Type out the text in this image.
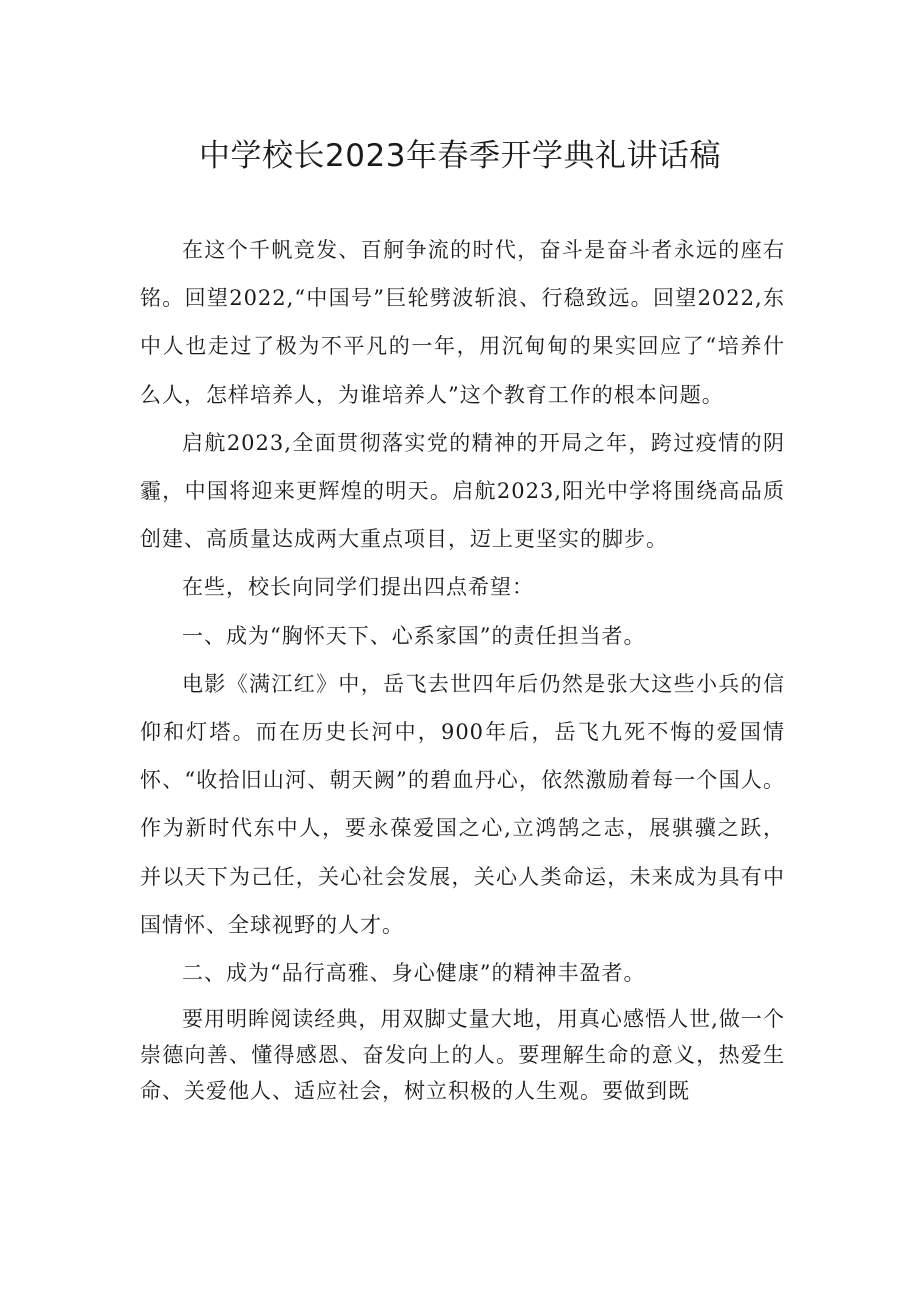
中学校长2023年春季开学典礼讲话稿

在这个千帆竞发、百舸争流的时代，奋斗是奋斗者永远的座右铭。回望2022,“中国号”巨轮劈波斩浪、行稳致远。回望2022,东中人也走过了极为不平凡的一年，用沉甸甸的果实回应了“培养什么人，怎样培养人，为谁培养人”这个教育工作的根本问题。

启航2023,全面贯彻落实党的精神的开局之年，跨过疫情的阴霾，中国将迎来更辉煌的明天。启航2023,阳光中学将围绕高品质创建、高质量达成两大重点项目，迈上更坚实的脚步。

在些，校长向同学们提出四点希望：

一、成为“胸怀天下、心系家国”的责任担当者。

电影《满江红》中，岳飞去世四年后仍然是张大这些小兵的信仰和灯塔。而在历史长河中，900年后，岳飞九死不悔的爱国情怀、“收拾旧山河、朝天阙”的碧血丹心，依然激励着每一个国人。作为新时代东中人，要永葆爱国之心,立鸿鹄之志，展骐骥之跃，并以天下为己任，关心社会发展，关心人类命运，未来成为具有中国情怀、全球视野的人才。

二、成为“品行高雅、身心健康”的精神丰盈者。

要用明眸阅读经典，用双脚丈量大地，用真心感悟人世,做一个崇德向善、懂得感恩、奋发向上的人。要理解生命的意义，热爱生命、关爱他人、适应社会，树立积极的人生观。要做到既
